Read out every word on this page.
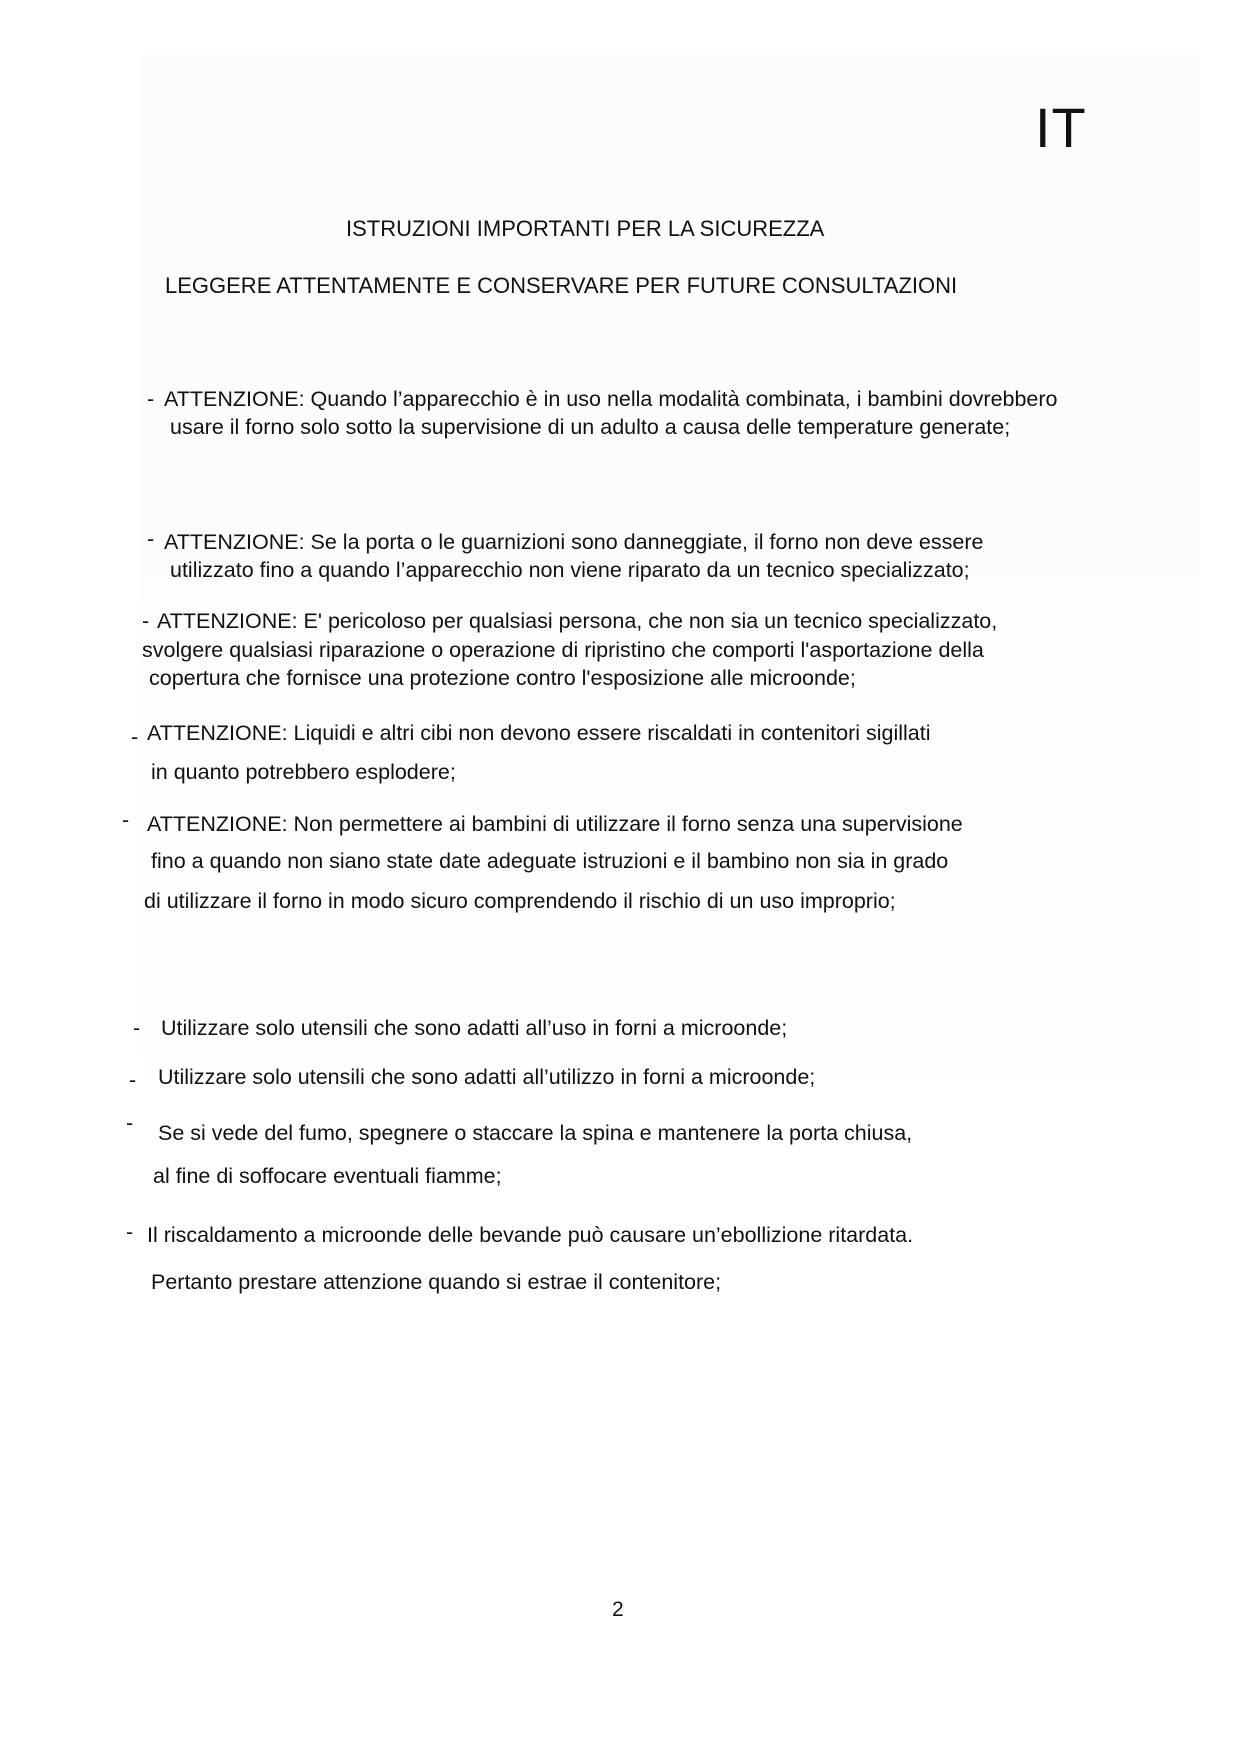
IT
ISTRUZIONI IMPORTANTI PER LA SICUREZZA
LEGGERE ATTENTAMENTE E CONSERVARE PER FUTURE CONSULTAZIONI
- ATTENZIONE: Quando l’apparecchio è in uso nella modalità combinata, i bambini dovrebbero
usare il forno solo sotto la supervisione di un adulto a causa delle temperature generate;
- ATTENZIONE: Se la porta o le guarnizioni sono danneggiate, il forno non deve essere
utilizzato fino a quando l’apparecchio non viene riparato da un tecnico specializzato;
- ATTENZIONE: E' pericoloso per qualsiasi persona, che non sia un tecnico specializzato,
svolgere qualsiasi riparazione o operazione di ripristino che comporti l'asportazione della
copertura che fornisce una protezione contro l'esposizione alle microonde;
- ATTENZIONE: Liquidi e altri cibi non devono essere riscaldati in contenitori sigillati
in quanto potrebbero esplodere;
- ATTENZIONE: Non permettere ai bambini di utilizzare il forno senza una supervisione
fino a quando non siano state date adeguate istruzioni e il bambino non sia in grado
di utilizzare il forno in modo sicuro comprendendo il rischio di un uso improprio;
- Utilizzare solo utensili che sono adatti all’uso in forni a microonde;
- Utilizzare solo utensili che sono adatti all’utilizzo in forni a microonde;
- Se si vede del fumo, spegnere o staccare la spina e mantenere la porta chiusa,
al fine di soffocare eventuali fiamme;
- Il riscaldamento a microonde delle bevande può causare un’ebollizione ritardata.
Pertanto prestare attenzione quando si estrae il contenitore;
2
